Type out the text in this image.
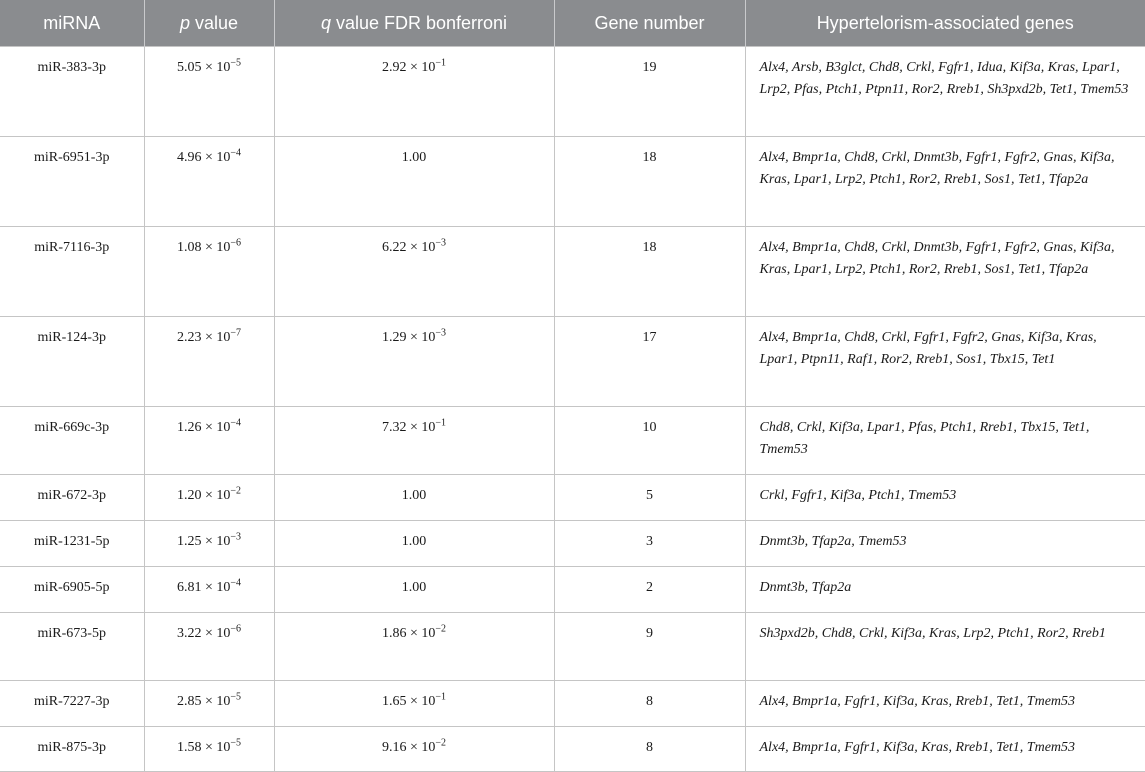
miRNA	p value	q value FDR bonferroni	Gene number	Hypertelorism-associated genes
miR-383-3p	$5.05 \times 10^{-5}$	$2.92 \times 10^{-1}$	19	Alx4, Arsb, B3glct, Chd8, Crkl, Fgfr1, Idua, Kif3a, Kras, Lpar1, Lrp2, Pfas, Ptch1, Ptpn11, Ror2, Rreb1, Sh3pxd2b, Tet1, Tmem53
miR-6951-3p	$4.96 \times 10^{-4}$	1.00	18	Alx4, Bmpr1a, Chd8, Crkl, Dnmt3b, Fgfr1, Fgfr2, Gnas, Kif3a, Kras, Lpar1, Lrp2, Ptch1, Ror2, Rreb1, Sos1, Tet1, Tfap2a
miR-7116-3p	$1.08 \times 10^{-6}$	$6.22 \times 10^{-3}$	18	Alx4, Bmpr1a, Chd8, Crkl, Dnmt3b, Fgfr1, Fgfr2, Gnas, Kif3a, Kras, Lpar1, Lrp2, Ptch1, Ror2, Rreb1, Sos1, Tet1, Tfap2a
miR-124-3p	$2.23 \times 10^{-7}$	$1.29 \times 10^{-3}$	17	Alx4, Bmpr1a, Chd8, Crkl, Fgfr1, Fgfr2, Gnas, Kif3a, Kras, Lpar1, Ptpn11, Raf1, Ror2, Rreb1, Sos1, Tbx15, Tet1
miR-669c-3p	$1.26 \times 10^{-4}$	$7.32 \times 10^{-1}$	10	Chd8, Crkl, Kif3a, Lpar1, Pfas, Ptch1, Rreb1, Tbx15, Tet1, Tmem53
miR-672-3p	$1.20 \times 10^{-2}$	1.00	5	Crkl, Fgfr1, Kif3a, Ptch1, Tmem53
miR-1231-5p	$1.25 \times 10^{-3}$	1.00	3	Dnmt3b, Tfap2a, Tmem53
miR-6905-5p	$6.81 \times 10^{-4}$	1.00	2	Dnmt3b, Tfap2a
miR-673-5p	$3.22 \times 10^{-6}$	$1.86 \times 10^{-2}$	9	Sh3pxd2b, Chd8, Crkl, Kif3a, Kras, Lrp2, Ptch1, Ror2, Rreb1
miR-7227-3p	$2.85 \times 10^{-5}$	$1.65 \times 10^{-1}$	8	Alx4, Bmpr1a, Fgfr1, Kif3a, Kras, Rreb1, Tet1, Tmem53
miR-875-3p	$1.58 \times 10^{-5}$	$9.16 \times 10^{-2}$	8	Alx4, Bmpr1a, Fgfr1, Kif3a, Kras, Rreb1, Tet1, Tmem53
